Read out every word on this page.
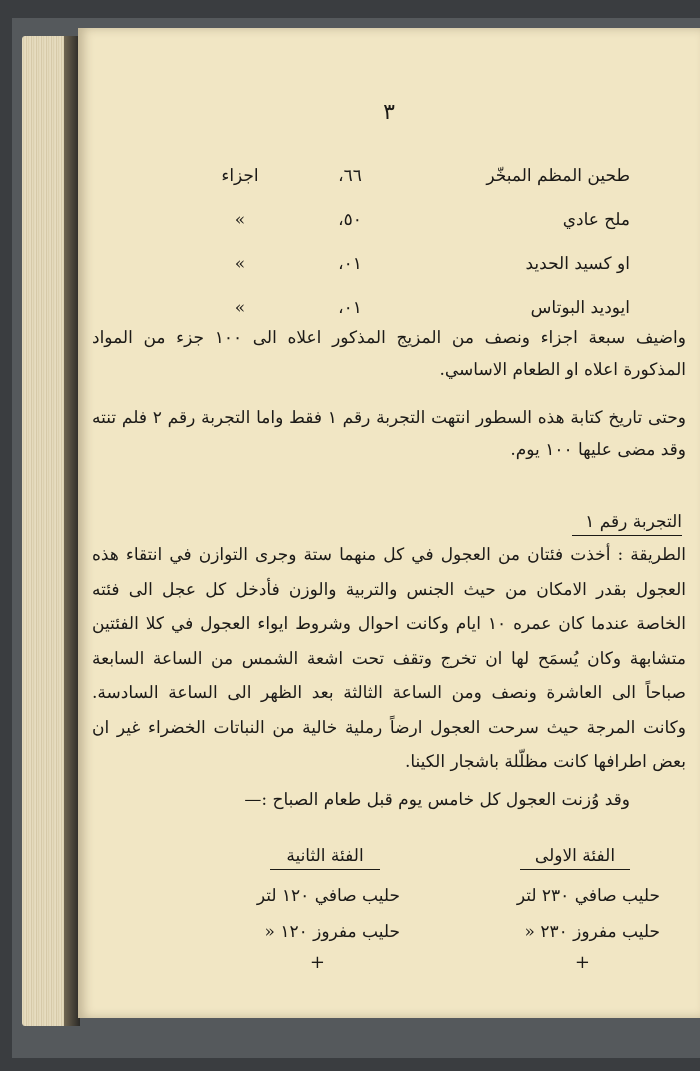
٣
طحين المظم المبخّر
٦٦،
اجزاء
ملح عادي
٥٠،
»
او كسيد الحديد
٠١،
»
ايوديد البوتاس
٠١،
»
واضيف سبعة اجزاء ونصف من المزيج المذكور اعلاه الى ١٠٠ جزء من المواد المذكورة اعلاه او الطعام الاساسي.
وحتى تاريخ كتابة هذه السطور انتهت التجربة رقم ١ فقط واما التجربة رقم ٢ فلم تنته وقد مضى عليها ١٠٠ يوم.
التجربة رقم ١
الطريقة : أخذت فئتان من العجول في كل منهما ستة وجرى التوازن في انتقاء هذه العجول بقدر الامكان من حيث الجنس والتربية والوزن فأدخل كل عجل الى فئته الخاصة عندما كان عمره ١٠ ايام وكانت احوال وشروط ايواء العجول في كلا الفئتين متشابهة وكان يُسمَح لها ان تخرج وتقف تحت اشعة الشمس من الساعة السابعة صباحاً الى العاشرة ونصف ومن الساعة الثالثة بعد الظهر الى الساعة السادسة. وكانت المرجة حيث سرحت العجول ارضاً رملية خالية من النباتات الخضراء غير ان بعض اطرافها كانت مظلّلة باشجار الكينا.
وقد وُزنت العجول كل خامس يوم قبل طعام الصباح :—
الفئة الاولى
حليب صافي ٢٣٠ لتر
حليب مفروز ٢٣٠ «
+
الفئة الثانية
حليب صافي ١٢٠ لتر
حليب مفروز ١٢٠ «
+
